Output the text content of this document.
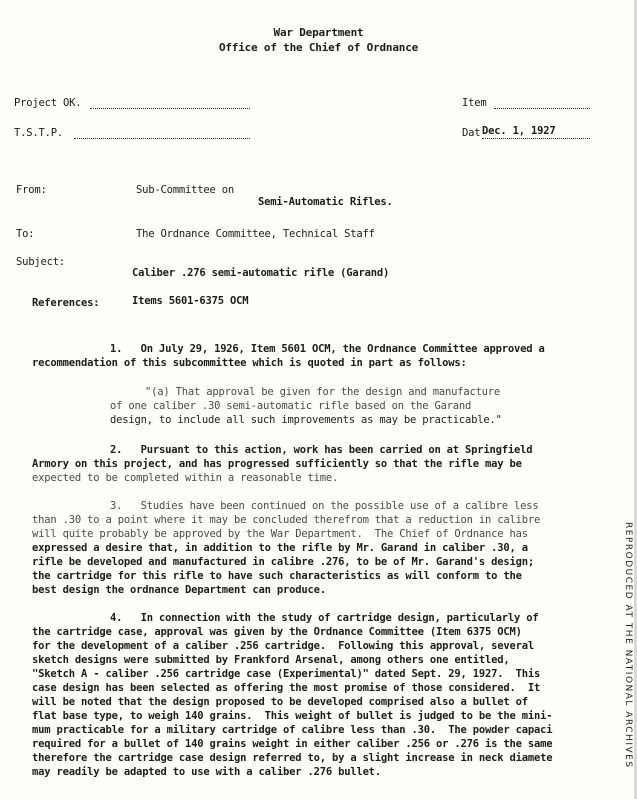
War Department
Office of the Chief of Ordnance
Project OK.	Item
T.S.T.P.	Dat Dec. 1, 1927
From:	Sub-Committee on
Semi-Automatic Rifles.
To:	The Ordnance Committee, Technical Staff
Subject:
Caliber .276 semi-automatic rifle (Garand)
References:	Items 5601-6375 OCM
1.   On July 29, 1926, Item 5601 OCM, the Ordnance Committee approved a
recommendation of this subcommittee which is quoted in part as follows:
"(a) That approval be given for the design and manufacture
of one caliber .30 semi-automatic rifle based on the Garand
design, to include all such improvements as may be practicable."
2.   Pursuant to this action, work has been carried on at Springfield
Armory on this project, and has progressed sufficiently so that the rifle may be
expected to be completed within a reasonable time.
3.   Studies have been continued on the possible use of a calibre less
than .30 to a point where it may be concluded therefrom that a reduction in calibre
will quite probably be approved by the War Department.  The Chief of Ordnance has
expressed a desire that, in addition to the rifle by Mr. Garand in caliber .30, a
rifle be developed and manufactured in calibre .276, to be of Mr. Garand's design;
the cartridge for this rifle to have such characteristics as will conform to the
best design the ordnance Department can produce.
4.   In connection with the study of cartridge design, particularly of
the cartridge case, approval was given by the Ordnance Committee (Item 6375 OCM)
for the development of a caliber .256 cartridge.  Following this approval, several
sketch designs were submitted by Frankford Arsenal, among others one entitled,
"Sketch A - caliber .256 cartridge case (Experimental)" dated Sept. 29, 1927.  This
case design has been selected as offering the most promise of those considered.  It
will be noted that the design proposed to be developed comprised also a bullet of
flat base type, to weigh 140 grains.  This weight of bullet is judged to be the mini-
mum practicable for a military cartridge of calibre less than .30.  The powder capaci
required for a bullet of 140 grains weight in either caliber .256 or .276 is the same
therefore the cartridge case design referred to, by a slight increase in neck diamete
may readily be adapted to use with a caliber .276 bullet.
REPRODUCED AT THE NATIONAL ARCHIVES
